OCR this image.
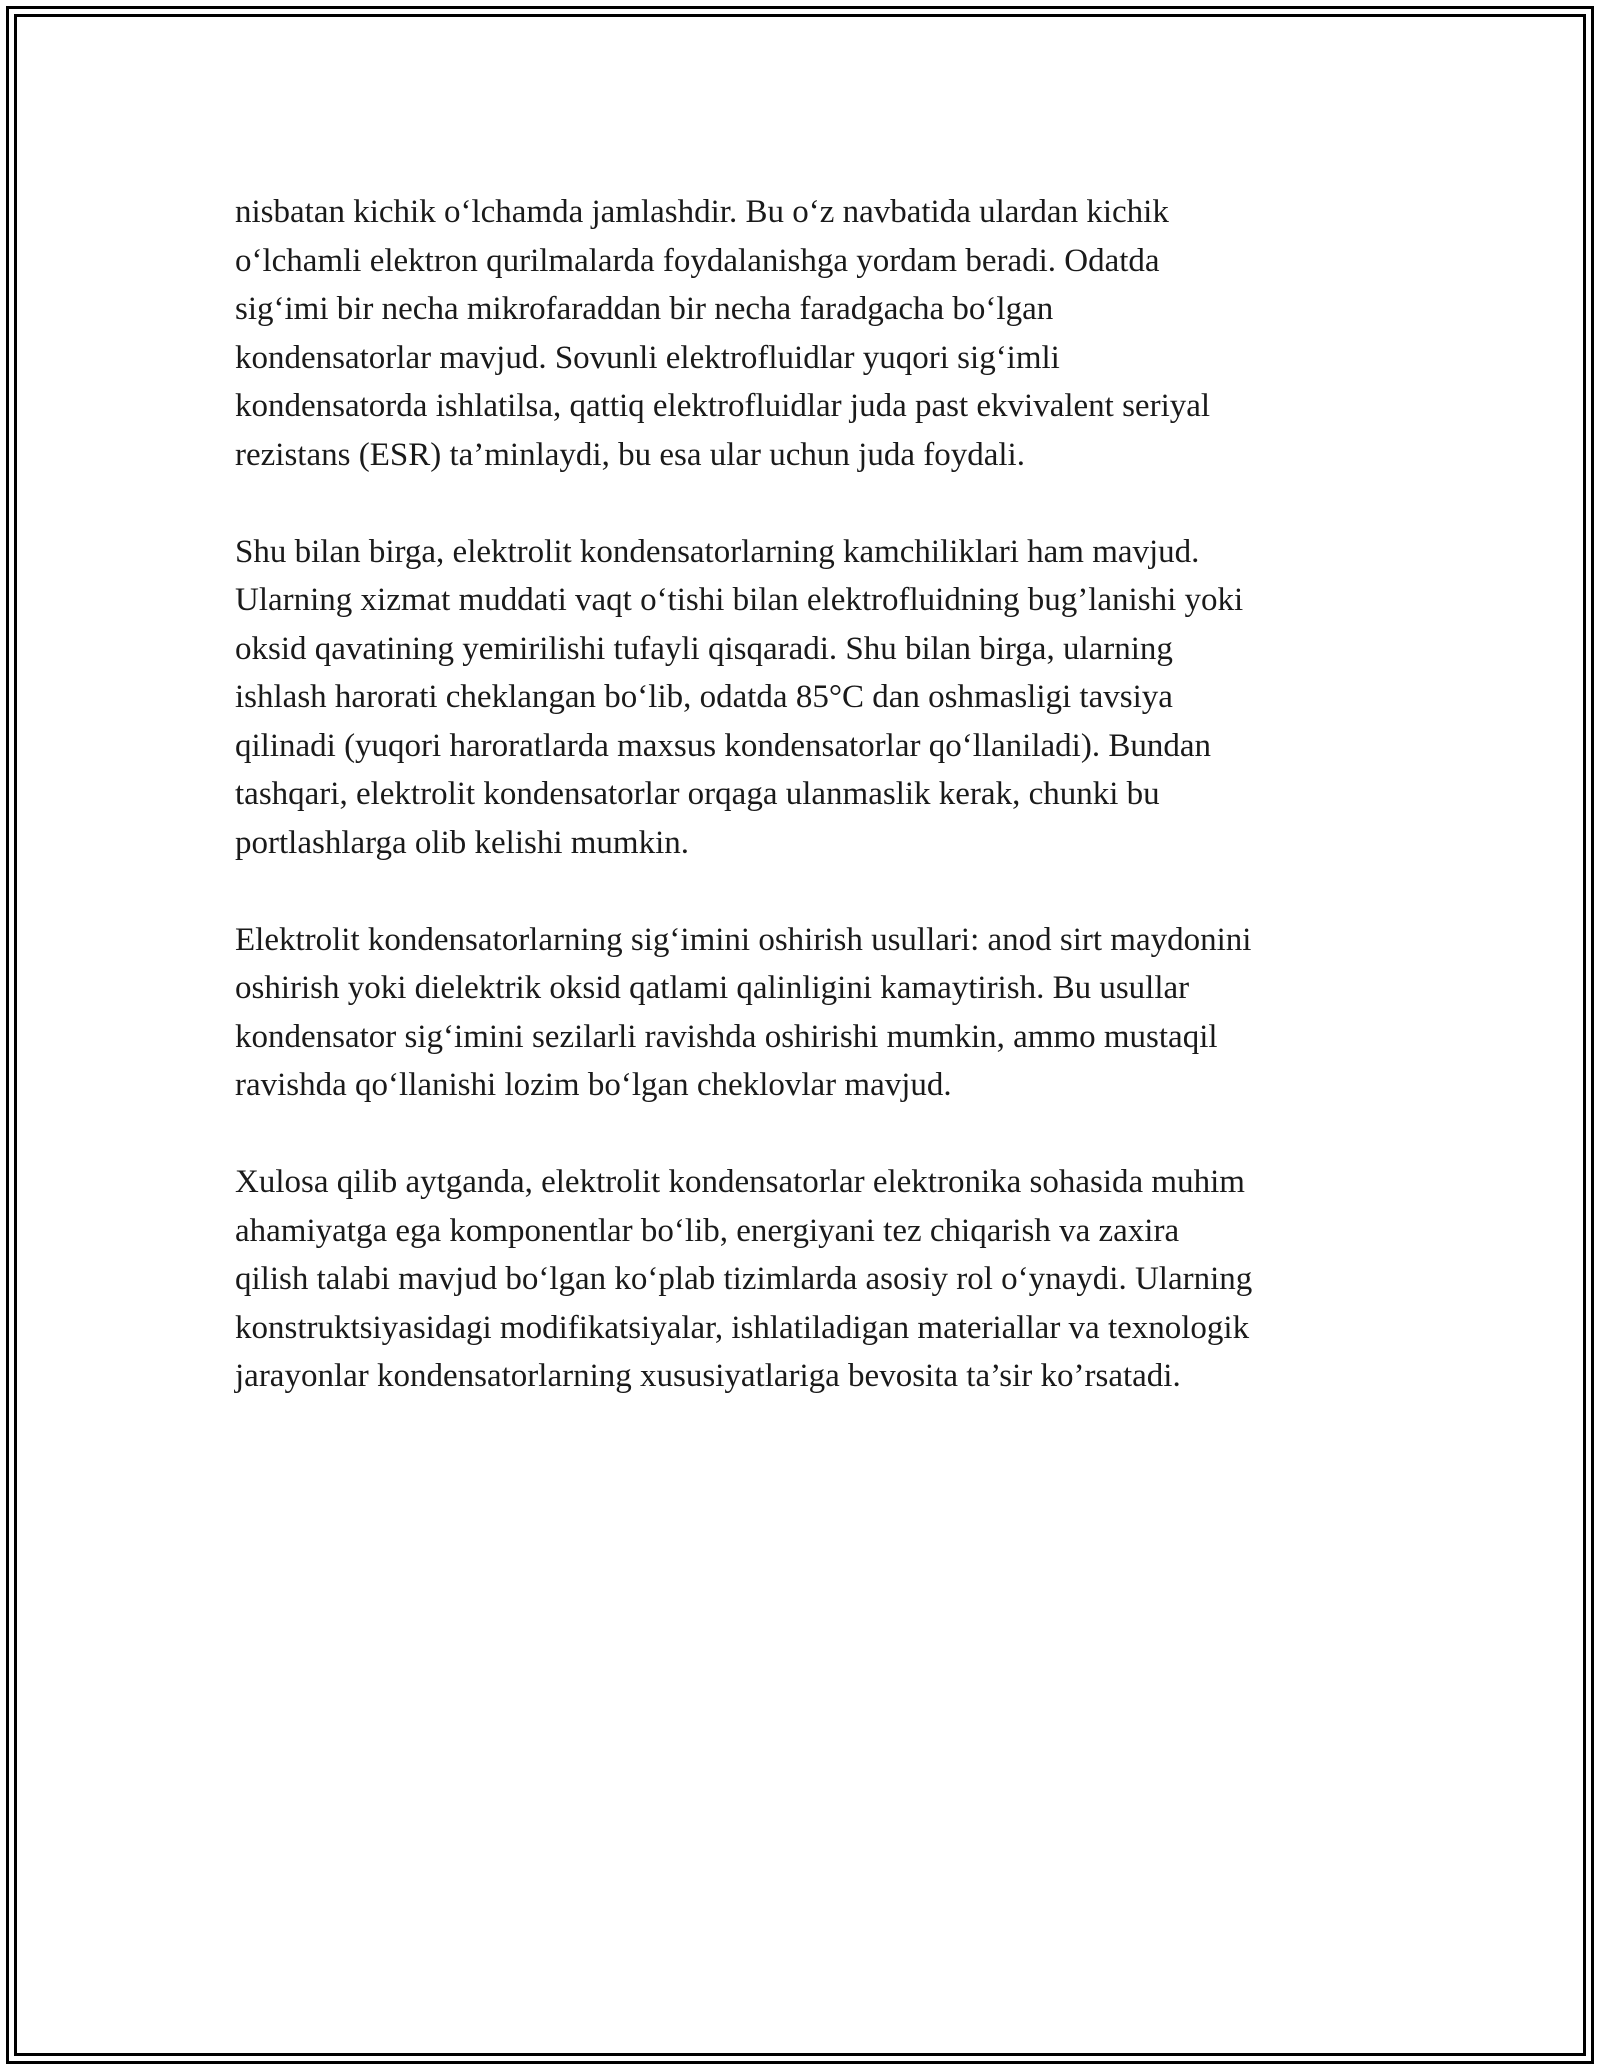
nisbatan kichik o‘lchamda jamlashdir. Bu o‘z navbatida ulardan kichik
o‘lchamli elektron qurilmalarda foydalanishga yordam beradi. Odatda
sig‘imi bir necha mikrofaraddan bir necha faradgacha bo‘lgan
kondensatorlar mavjud. Sovunli elektrofluidlar yuqori sig‘imli
kondensatorda ishlatilsa, qattiq elektrofluidlar juda past ekvivalent seriyal
rezistans (ESR) ta’minlaydi, bu esa ular uchun juda foydali.

Shu bilan birga, elektrolit kondensatorlarning kamchiliklari ham mavjud.
Ularning xizmat muddati vaqt o‘tishi bilan elektrofluidning bug’lanishi yoki
oksid qavatining yemirilishi tufayli qisqaradi. Shu bilan birga, ularning
ishlash harorati cheklangan bo‘lib, odatda 85°C dan oshmasligi tavsiya
qilinadi (yuqori haroratlarda maxsus kondensatorlar qo‘llaniladi). Bundan
tashqari, elektrolit kondensatorlar orqaga ulanmaslik kerak, chunki bu
portlashlarga olib kelishi mumkin.

Elektrolit kondensatorlarning sig‘imini oshirish usullari: anod sirt maydonini
oshirish yoki dielektrik oksid qatlami qalinligini kamaytirish. Bu usullar
kondensator sig‘imini sezilarli ravishda oshirishi mumkin, ammo mustaqil
ravishda qo‘llanishi lozim bo‘lgan cheklovlar mavjud.

Xulosa qilib aytganda, elektrolit kondensatorlar elektronika sohasida muhim
ahamiyatga ega komponentlar bo‘lib, energiyani tez chiqarish va zaxira
qilish talabi mavjud bo‘lgan ko‘plab tizimlarda asosiy rol o‘ynaydi. Ularning
konstruktsiyasidagi modifikatsiyalar, ishlatiladigan materiallar va texnologik
jarayonlar kondensatorlarning xususiyatlariga bevosita ta’sir ko’rsatadi.
